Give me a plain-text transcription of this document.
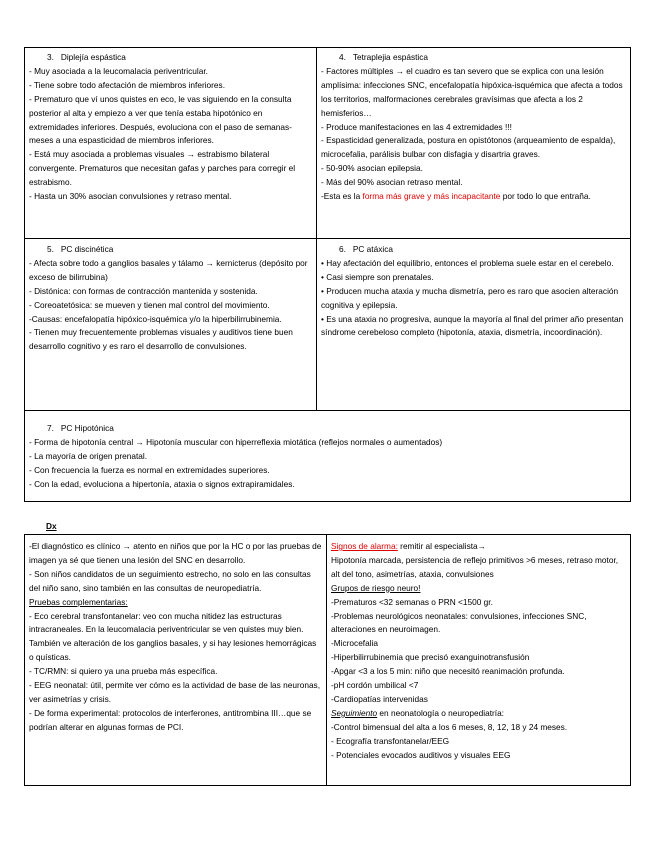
3.   Diplejía espástica

- Muy asociada a la leucomalacia periventricular.

- Tiene sobre todo afectación de miembros inferiores.

- Prematuro que ví unos quistes en eco, le vas siguiendo en la consulta posterior al alta y empiezo a ver que tenía estaba hipotónico en extremidades inferiores. Después, evoluciona con el paso de semanas-meses a una espasticidad de miembros inferiores.

- Está muy asociada a problemas visuales → estrabismo bilateral convergente. Prematuros que necesitan gafas y parches para corregir el estrabismo.

- Hasta un 30% asocian convulsiones y retraso mental.

4.   Tetraplejia espástica

- Factores múltiples → el cuadro es tan severo que se explica con una lesión amplísima: infecciones SNC, encefalopatía hipóxica-isquémica que afecta a todos los territorios, malformaciones cerebrales gravísimas que afecta a los 2 hemisferios…

- Produce manifestaciones en las 4 extremidades !!!

- Espasticidad generalizada, postura en opistótonos (arqueamiento de espalda), microcefalia, parálisis bulbar con disfagia y disartria graves.

- 50-90% asocian epilepsia.

- Más del 90% asocian retraso mental.

-Esta es la forma más grave y más incapacitante por todo lo que entraña.

5.   PC discinética

- Afecta sobre todo a ganglios basales y tálamo → kernicterus (depósito por exceso de bilirrubina)

- Distónica: con formas de contracción mantenida y sostenida.

- Coreoatetósica: se mueven y tienen mal control del movimiento.

-Causas: encefalopatía hipóxico-isquémica y/o la hiperbilirrubinemia.

- Tienen muy frecuentemente problemas visuales y auditivos tiene buen desarrollo cognitivo y es raro el desarrollo de convulsiones.

6.   PC atáxica

• Hay afectación del equilibrio, entonces el problema suele estar en el cerebelo.

• Casi siempre son prenatales.

• Producen mucha ataxia y mucha dismetría, pero es raro que asocien alteración cognitiva y epilepsia.

• Es una ataxia no progresiva, aunque la mayoría al final del primer año presentan síndrome cerebeloso completo (hipotonía, ataxia, dismetría, incoordinación).

7.   PC Hipotónica

- Forma de hipotonía central → Hipotonía muscular con hiperreflexia miotática (reflejos normales o aumentados)

- La mayoría de origen prenatal.

- Con frecuencia la fuerza es normal en extremidades superiores.

- Con la edad, evoluciona a hipertonía, ataxia o signos extrapiramidales.

Dx

-El diagnóstico es clínico → atento en niños que por la HC o por las pruebas de imagen ya sé que tienen una lesión del SNC en desarrollo.

- Son niños candidatos de un seguimiento estrecho, no solo en las consultas del niño sano, sino también en las consultas de neuropediatría.

Pruebas complementarias:

- Eco cerebral transfontanelar: veo con mucha nitidez las estructuras intracraneales. En la leucomalacia periventricular se ven quistes muy bien. También ve alteración de los ganglios basales, y si hay lesiones hemorrágicas o quísticas.

- TC/RMN: si quiero ya una prueba más específica.

- EEG neonatal: útil, permite ver cómo es la actividad de base de las neuronas, ver asimetrías y crisis.

- De forma experimental: protocolos de interferones, antitrombina III…que se podrían alterar en algunas formas de PCI.

Signos de alarma: remitir al especialista→

Hipotonía marcada, persistencia de reflejo primitivos >6 meses, retraso motor, alt del tono, asimetrías, ataxia, convulsiones

Grupos de riesgo neuro!

-Prematuros <32 semanas o PRN <1500 gr.

-Problemas neurológicos neonatales: convulsiones, infecciones SNC, alteraciones en neuroimagen.

-Microcefalia

-Hiperbilirrubinemia que precisó exanguinotransfusión

-Apgar <3 a los 5 min: niño que necesitó reanimación profunda.

-pH cordón umbilical <7

-Cardiopatías intervenidas

Seguimiento en neonatología o neuropediatría:

-Control bimensual del alta a los 6 meses, 8, 12, 18 y 24 meses.

- Ecografía transfontanelar/EEG

- Potenciales evocados auditivos y visuales EEG
